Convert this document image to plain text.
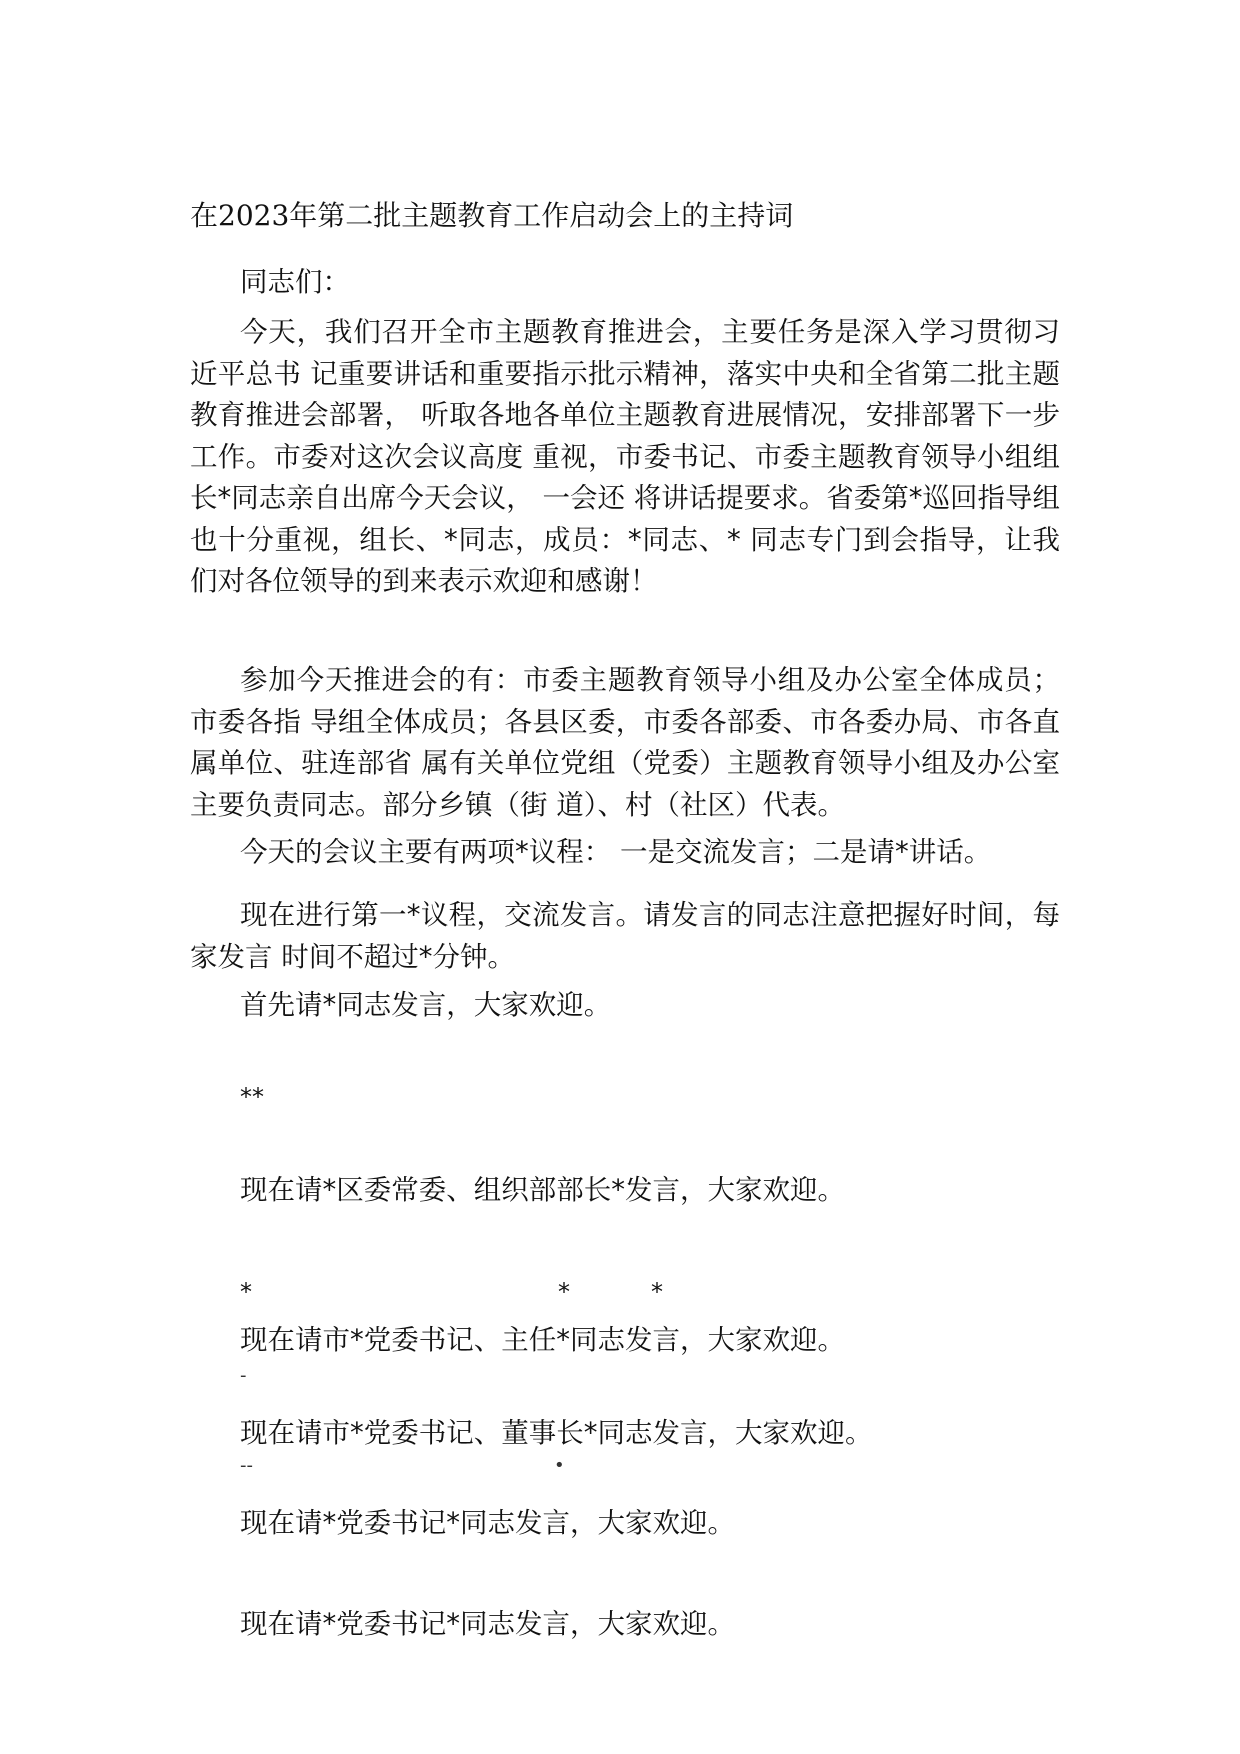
在2023年第二批主题教育工作启动会上的主持词
同志们：
今天，我们召开全市主题教育推进会，主要任务是深入学习贯彻习近平总书 记重要讲话和重要指示批示精神，落实中央和全省第二批主题教育推进会部署， 听取各地各单位主题教育进展情况，安排部署下一步工作。市委对这次会议高度 重视，市委书记、市委主题教育领导小组组长*同志亲自出席今天会议， 一会还 将讲话提要求。省委第*巡回指导组也十分重视，组长、*同志，成员：*同志、* 同志专门到会指导，让我们对各位领导的到来表示欢迎和感谢！
参加今天推进会的有：市委主题教育领导小组及办公室全体成员；市委各指 导组全体成员；各县区委，市委各部委、市各委办局、市各直属单位、驻连部省 属有关单位党组（党委）主题教育领导小组及办公室主要负责同志。部分乡镇（街 道）、村（社区）代表。
今天的会议主要有两项*议程： 一是交流发言；二是请*讲话。
现在进行第一*议程，交流发言。请发言的同志注意把握好时间，每家发言 时间不超过*分钟。
首先请*同志发言，大家欢迎。
**
现在请*区委常委、组织部部长*发言，大家欢迎。
*	*	*
现在请市*党委书记、主任*同志发言，大家欢迎。
-
现在请市*党委书记、董事长*同志发言，大家欢迎。
--	•
现在请*党委书记*同志发言，大家欢迎。
现在请*党委书记*同志发言，大家欢迎。
